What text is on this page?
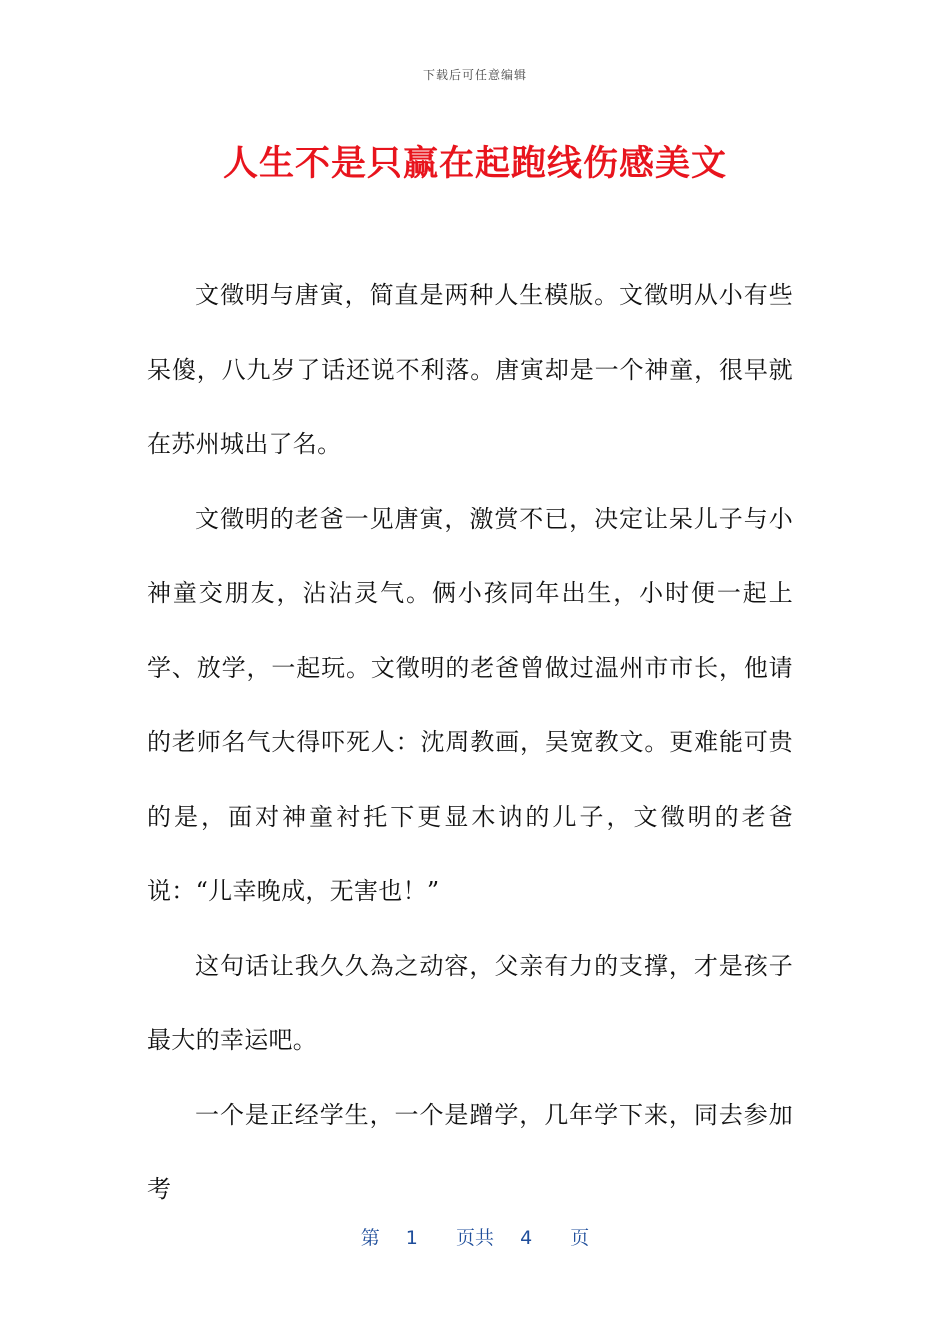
下载后可任意编辑
人生不是只赢在起跑线伤感美文

文徵明与唐寅，简直是两种人生模版。文徵明从小有些呆傻，八九岁了话还说不利落。唐寅却是一个神童，很早就在苏州城出了名。

文徵明的老爸一见唐寅，激赏不已，决定让呆儿子与小神童交朋友，沾沾灵气。俩小孩同年出生，小时便一起上学、放学，一起玩。文徵明的老爸曾做过温州市市长，他请的老师名气大得吓死人：沈周教画，吴宽教文。更难能可贵的是，面对神童衬托下更显木讷的儿子，文徵明的老爸说：“儿幸晚成，无害也！”

这句话让我久久為之动容，父亲有力的支撑，才是孩子最大的幸运吧。

一个是正经学生，一个是蹭学，几年学下来，同去参加考

第 1 页共 4 页
